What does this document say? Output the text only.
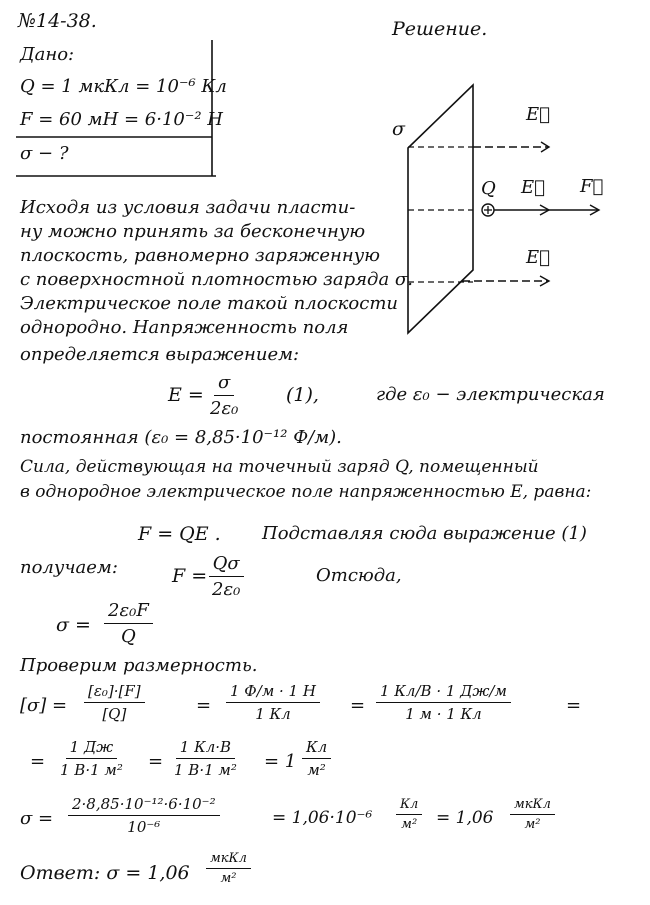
№14-38.	Решение.
Дано:
Q = 1 мкКл = 10⁻⁶ Кл
F = 60 мН = 6·10⁻² Н
σ − ?
σ
Q
E⃗
E⃗ F⃗
E⃗
Исходя из условия задачи пласти-
ну можно принять за бесконечную
плоскость, равномерно заряженную
с поверхностной плотностью заряда σ.
Электрическое поле такой плоскости
однородно. Напряженность поля
определяется выражением:
$E = \frac{\sigma}{\text{2ε₀}} (1)$,	где ε₀ − электрическая
постоянная (ε₀ = 8,85·10⁻¹² Ф/м).
Сила, действующая на точечный заряд Q, помещенный
в однородное электрическое поле напряженностью E, равна:
F = QE . Подставляя сюда выражение (1)
получаем:	$F = \frac{Q\sigma}{\text{2ε₀}}$	Отсюда,
$\sigma = \frac{\text{2ε₀F}}{Q}$
Проверим размерность.
$[\sigma] = \frac{\text{[ε₀]·[F]}}{[Q]}$	=
1 Ф/м · 1 Н
1 Кл	=
1 Кл/В · 1 Дж/м
1 м · 1 Кл	=
=
1 Дж
1 В·1 м² =
1 Кл·В
1 В·1 м² = 1
Кл
м²
$\sigma = \frac{\text{2·8,85·10⁻¹²·6·10⁻²}}{\text{10⁻⁶}}$	= 1,06·10⁻⁶
Кл
м² = 1,06
мкКл
м²
Ответ: σ = 1,06
мкКл
м²
